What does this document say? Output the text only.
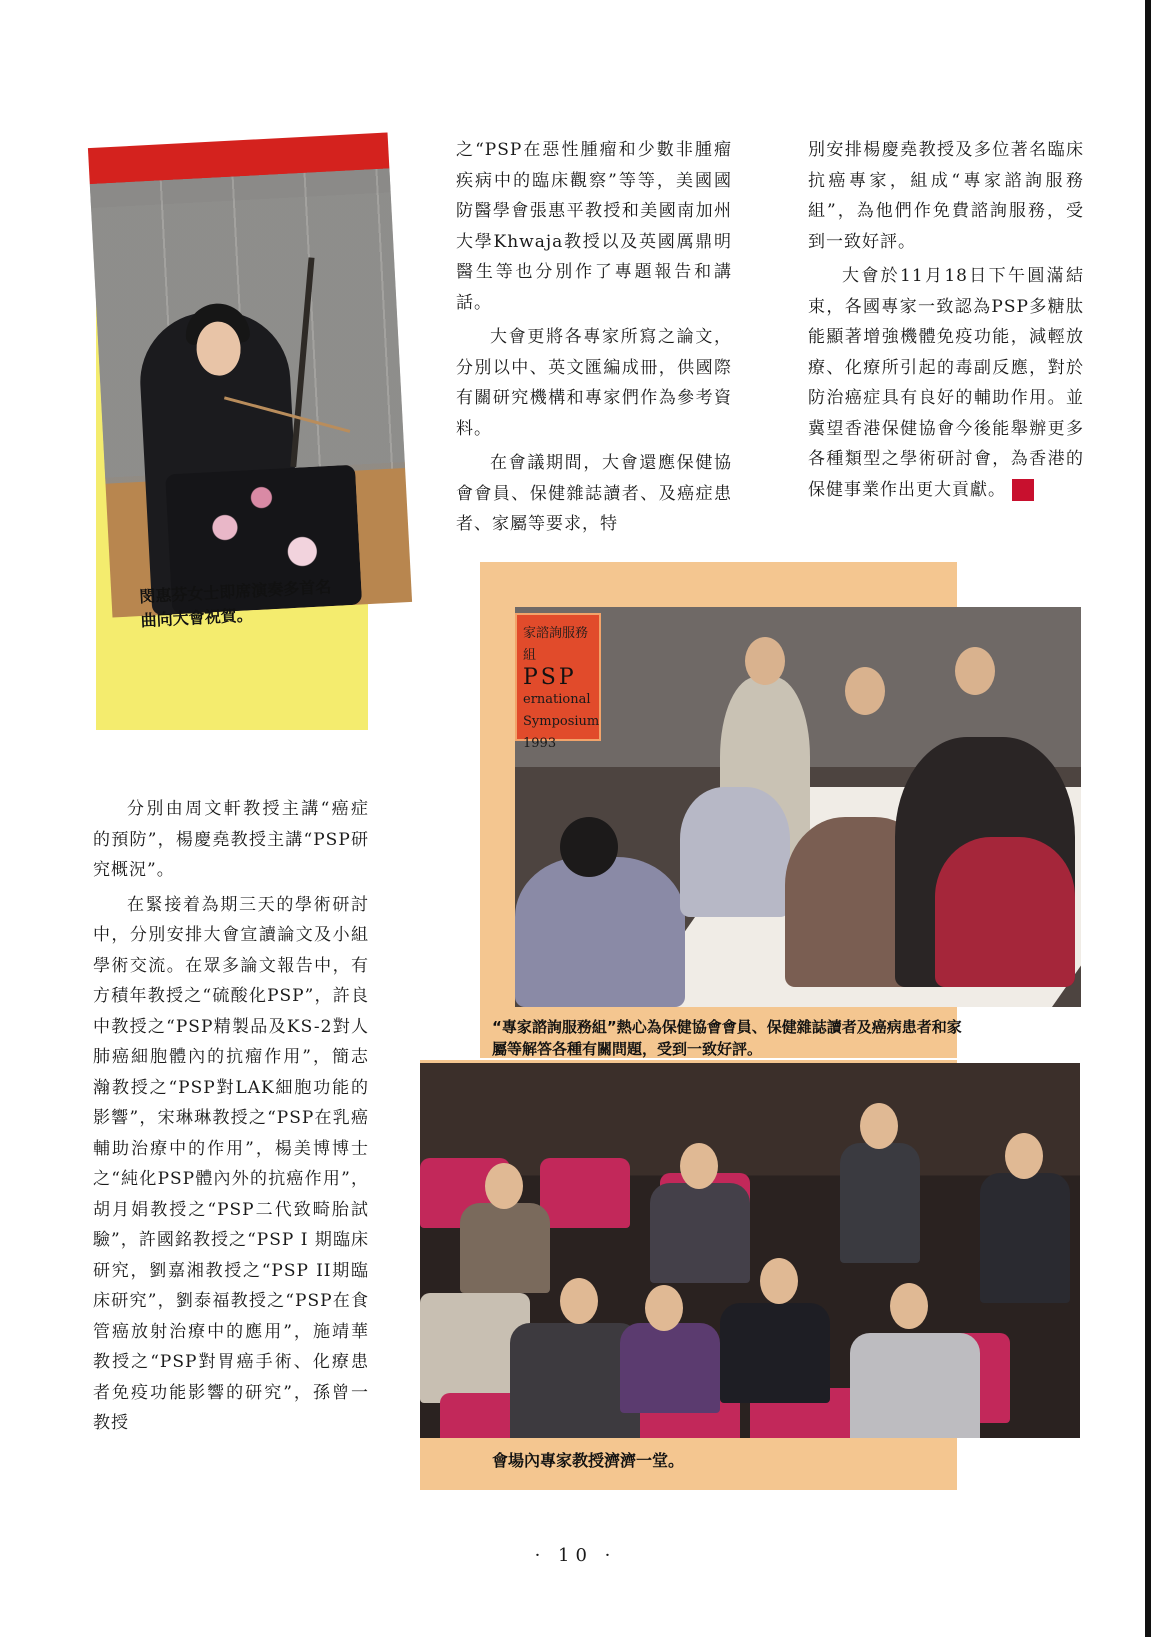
閔惠芬女士即席演奏多首名曲向大會祝賀。

之“PSP在惡性腫瘤和少數非腫瘤疾病中的臨床觀察”等等，美國國防醫學會張惠平教授和美國南加州大學Khwaja教授以及英國厲鼎明醫生等也分別作了專題報告和講話。

大會更將各專家所寫之論文，分別以中、英文匯編成冊，供國際有關研究機構和專家們作為參考資料。

在會議期間，大會還應保健協會會員、保健雜誌讀者、及癌症患者、家屬等要求，特

別安排楊慶堯教授及多位著名臨床抗癌專家，組成“專家諮詢服務組”，為他們作免費諮詢服務，受到一致好評。

大會於11月18日下午圓滿結束，各國專家一致認為PSP多糖肽能顯著增強機體免疫功能，減輕放療、化療所引起的毒副反應，對於防治癌症具有良好的輔助作用。並冀望香港保健協會今後能舉辦更多各種類型之學術研討會，為香港的保健事業作出更大貢獻。	■

家諮詢服務組
PSP
ernational
Symposium 1993
“專家諮詢服務組”熱心為保健協會會員、保健雜誌讀者及癌病患者和家屬等解答各種有關問題，受到一致好評。
會場內專家教授濟濟一堂。

分別由周文軒教授主講“癌症的預防”，楊慶堯教授主講“PSP研究概況”。

在緊接着為期三天的學術研討中，分別安排大會宣讀論文及小組學術交流。在眾多論文報告中，有方積年教授之“硫酸化PSP”，許良中教授之“PSP精製品及KS-2對人肺癌細胞體內的抗瘤作用”，簡志瀚教授之“PSP對LAK細胞功能的影響”，宋琳琳教授之“PSP在乳癌輔助治療中的作用”，楊美博博士之“純化PSP體內外的抗癌作用”，胡月娟教授之“PSP二代致畸胎試驗”，許國銘教授之“PSP I 期臨床研究，劉嘉湘教授之“PSP II期臨床研究”，劉泰福教授之“PSP在食管癌放射治療中的應用”，施靖華教授之“PSP對胃癌手術、化療患者免疫功能影響的研究”，孫曾一教授

· 10 ·
